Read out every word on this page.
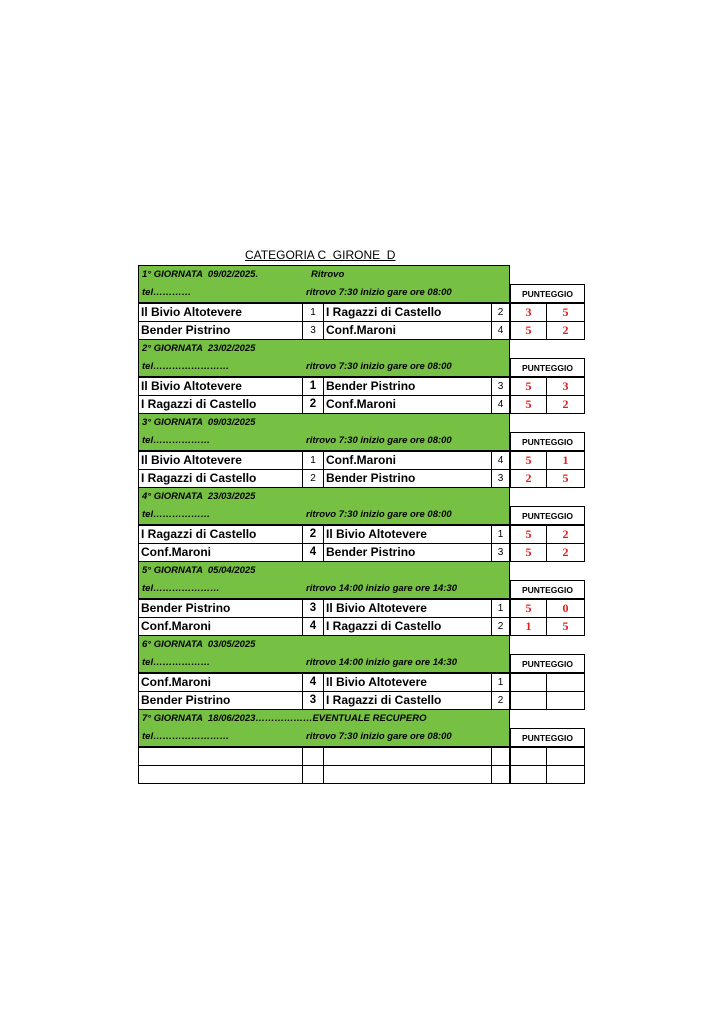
CATEGORIA C  GIRONE  D
1° GIORNATA  09/02/2025.	Ritrovo
tel…………	ritrovo 7:30 inizio gare ore 08:00	PUNTEGGIO
Il Bivio Altotevere	1 I Ragazzi di Castello	2	3	5
Bender Pistrino	3 Conf.Maroni	4	5	2
2° GIORNATA  23/02/2025
tel……………………	ritrovo 7:30 inizio gare ore 08:00	PUNTEGGIO
Il Bivio Altotevere	1 Bender Pistrino	3	5	3
I Ragazzi di Castello	2 Conf.Maroni	4	5	2
3° GIORNATA  09/03/2025
tel………………	ritrovo 7:30 inizio gare ore 08:00	PUNTEGGIO
Il Bivio Altotevere	1 Conf.Maroni	4	5	1
I Ragazzi di Castello	2 Bender Pistrino	3	2	5
4° GIORNATA  23/03/2025
tel………………	ritrovo 7:30 inizio gare ore 08:00	PUNTEGGIO
I Ragazzi di Castello	2 Il Bivio Altotevere	1	5	2
Conf.Maroni	4 Bender Pistrino	3	5	2
5° GIORNATA  05/04/2025
tel…………………	ritrovo 14:00 inizio gare ore 14:30	PUNTEGGIO
Bender Pistrino	3 Il Bivio Altotevere	1	5	0
Conf.Maroni	4 I Ragazzi di Castello	2	1	5
6° GIORNATA  03/05/2025
tel………………	ritrovo 14:00 inizio gare ore 14:30	PUNTEGGIO
Conf.Maroni	4 Il Bivio Altotevere	1
Bender Pistrino	3 I Ragazzi di Castello	2
7° GIORNATA  18/06/2023………………EVENTUALE RECUPERO
tel……………………	ritrovo 7:30 inizio gare ore 08:00	PUNTEGGIO
